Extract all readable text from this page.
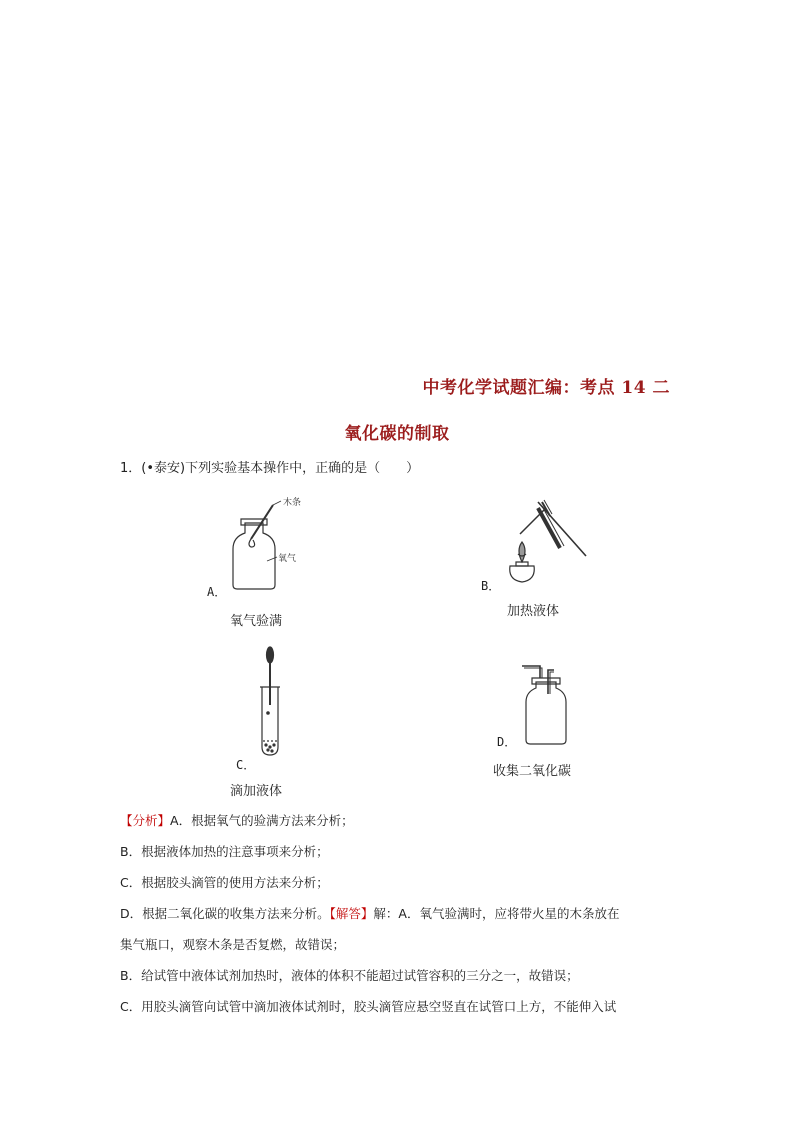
中考化学试题汇编：考点 14 二
氧化碳的制取
1．(•泰安)下列实验基本操作中，正确的是（　　）
木条
氧气
A．
氧气验满
B．
加热液体
C．
滴加液体
D．
收集二氧化碳
【分析】A．根据氧气的验满方法来分析；
B．根据液体加热的注意事项来分析；
C．根据胶头滴管的使用方法来分析；
D．根据二氧化碳的收集方法来分析。【解答】解：A．氧气验满时，应将带火星的木条放在
集气瓶口，观察木条是否复燃，故错误；
B．给试管中液体试剂加热时，液体的体积不能超过试管容积的三分之一，故错误；
C．用胶头滴管向试管中滴加液体试剂时，胶头滴管应悬空竖直在试管口上方，不能伸入试
